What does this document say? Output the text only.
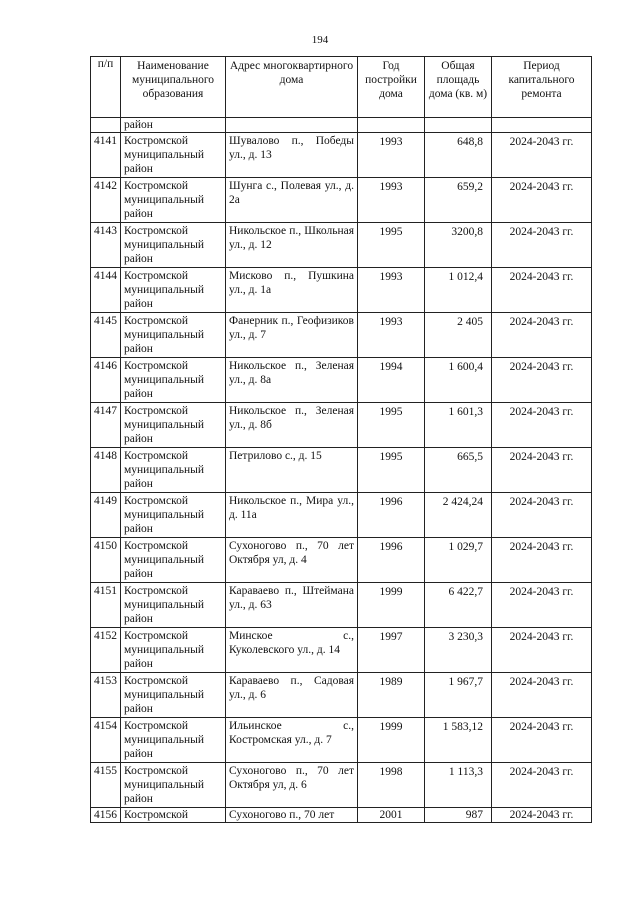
194
п/п	Наименование муниципального образования	Адрес многоквартирного дома	Год постройки дома	Общая площадь дома (кв. м)	Период капитального ремонта
	район				
4141	Костромской муниципальный район	Шувалово п., Победы ул., д. 13	1993	648,8	2024-2043 гг.
4142	Костромской муниципальный район	Шунга с., Полевая ул., д. 2а	1993	659,2	2024-2043 гг.
4143	Костромской муниципальный район	Никольское п., Школьная ул., д. 12	1995	3200,8	2024-2043 гг.
4144	Костромской муниципальный район	Мисково п., Пушкина ул., д. 1а	1993	1 012,4	2024-2043 гг.
4145	Костромской муниципальный район	Фанерник п., Геофизиков ул., д. 7	1993	2 405	2024-2043 гг.
4146	Костромской муниципальный район	Никольское п., Зеленая ул., д. 8а	1994	1 600,4	2024-2043 гг.
4147	Костромской муниципальный район	Никольское п., Зеленая ул., д. 8б	1995	1 601,3	2024-2043 гг.
4148	Костромской муниципальный район	Петрилово с., д. 15	1995	665,5	2024-2043 гг.
4149	Костромской муниципальный район	Никольское п., Мира ул., д. 11а	1996	2 424,24	2024-2043 гг.
4150	Костромской муниципальный район	Сухоногово п., 70 лет Октября ул, д. 4	1996	1 029,7	2024-2043 гг.
4151	Костромской муниципальный район	Караваево п., Штеймана ул., д. 63	1999	6 422,7	2024-2043 гг.
4152	Костромской муниципальный район	Минское с., Куколевского ул., д. 14	1997	3 230,3	2024-2043 гг.
4153	Костромской муниципальный район	Караваево п., Садовая ул., д. 6	1989	1 967,7	2024-2043 гг.
4154	Костромской муниципальный район	Ильинское с., Костромская ул., д. 7	1999	1 583,12	2024-2043 гг.
4155	Костромской муниципальный район	Сухоногово п., 70 лет Октября ул, д. 6	1998	1 113,3	2024-2043 гг.
4156	Костромской	Сухоногово п., 70 лет	2001	987	2024-2043 гг.
